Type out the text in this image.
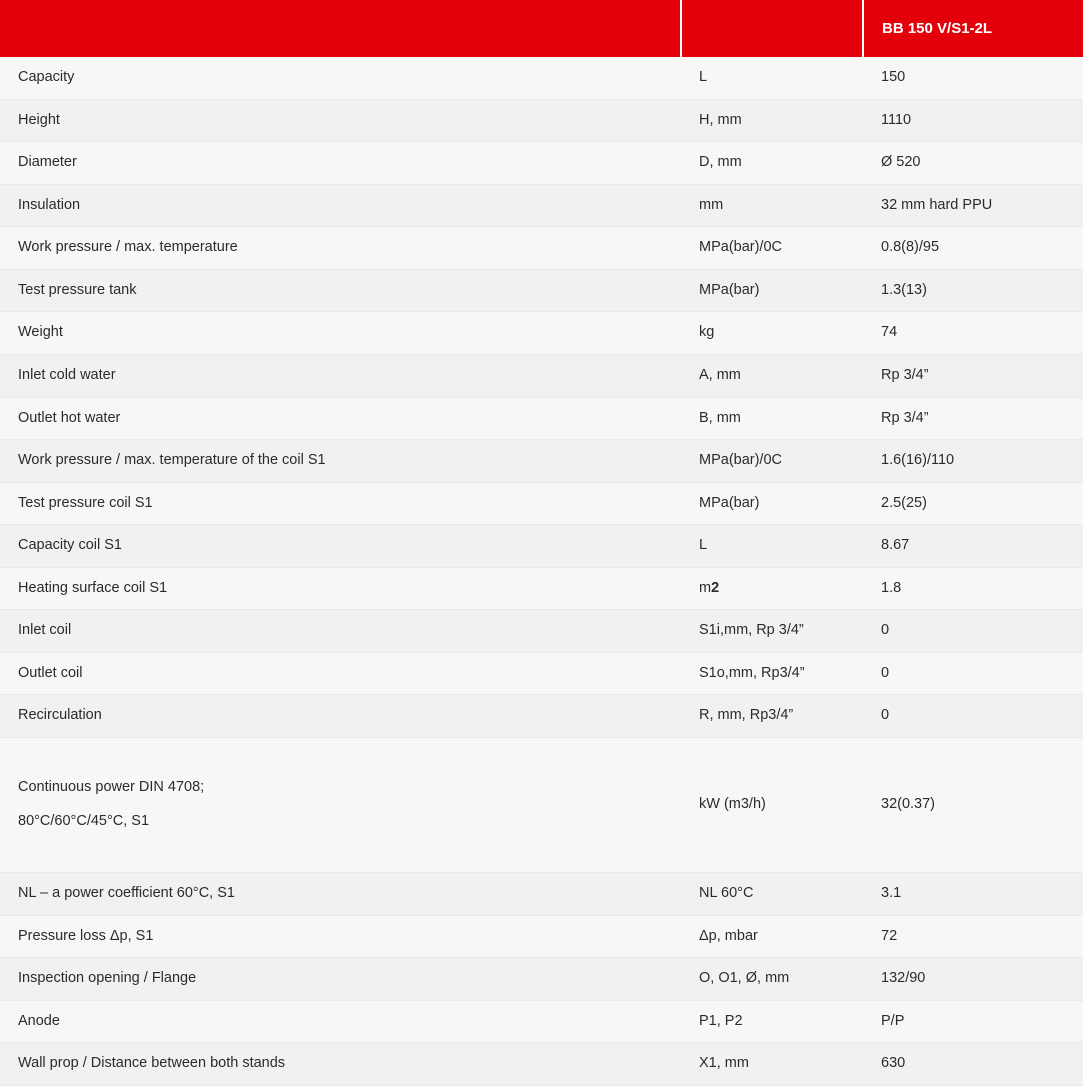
		BB 150 V/S1-2L
Capacity	L	150
Height	H, mm	1110
Diameter	D, mm	Ø 520
Insulation	mm	32 mm hard PPU
Work pressure / max. temperature	MPa(bar)/0C	0.8(8)/95
Test pressure tank	MPa(bar)	1.3(13)
Weight	kg	74
Inlet cold water	A, mm	Rp 3/4”
Outlet hot water	B, mm	Rp 3/4”
Work pressure / max. temperature of the coil S1	MPa(bar)/0C	1.6(16)/110
Test pressure coil S1	MPa(bar)	2.5(25)
Capacity coil S1	L	8.67
Heating surface coil S1	m2	1.8
Inlet coil	S1i,mm, Rp 3/4”	0
Outlet coil	S1o,mm, Rp3/4”	0
Recirculation	R, mm, Rp3/4”	0
Continuous power DIN 4708;
80°C/60°C/45°C, S1	kW (m3/h)	32(0.37)
NL – a power coefficient 60°C, S1	NL 60°C	3.1
Pressure loss Δp, S1	Δp, mbar	72
Inspection opening / Flange	O, O1, Ø, mm	132/90
Anode	P1, P2	P/P
Wall prop / Distance between both stands	X1, mm	630
